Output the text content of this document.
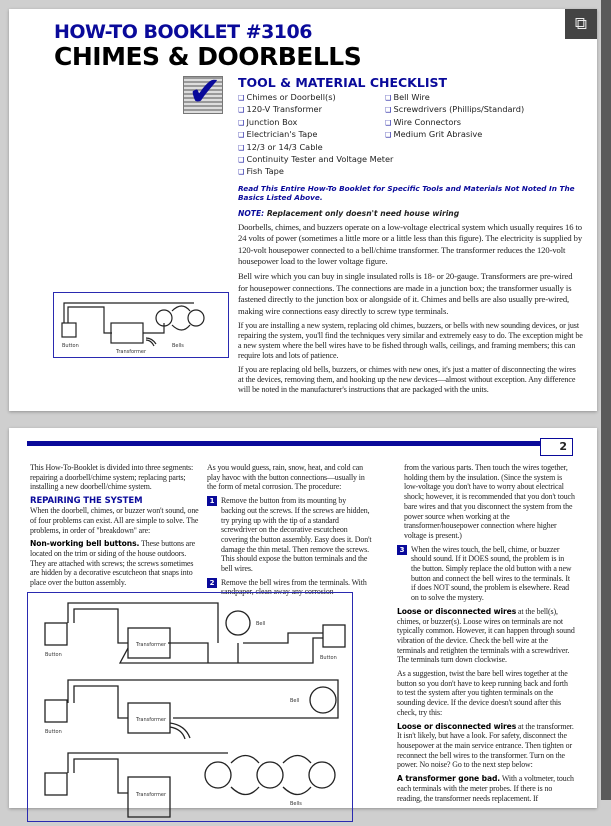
⧉
HOW-TO BOOKLET #3106
CHIMES & DOORBELLS
✔ TOOL & MATERIAL CHECKLIST
❑ Chimes or Doorbell(s)	❑ Bell Wire
❑ 120-V Transformer	❑ Screwdrivers (Phillips/Standard)
❑ Junction Box	❑ Wire Connectors
❑ Electrician's Tape	❑ Medium Grit Abrasive
❑ 12/3 or 14/3 Cable
❑ Continuity Tester and Voltage Meter
❑ Fish Tape
Read This Entire How-To Booklet for Specific Tools and Materials Not Noted In The Basics Listed Above.
NOTE: Replacement only doesn't need house wiring

Doorbells, chimes, and buzzers operate on a low-voltage electrical system which usually requires 16 to 24 volts of power (sometimes a little more or a little less than this figure). The electricity is supplied by 120-volt housepower connected to a bell/chime transformer. The transformer reduces the 120-volt housepower load to the lower voltage figure.

Bell wire which you can buy in single insulated rolls is 18- or 20-gauge. Transformers are pre-wired for housepower connections. The connections are made in a junction box; the transformer usually is fastened directly to the junction box or alongside of it. Chimes and bells are also usually pre-wired, making wire connections easy directly to screw type terminals.

If you are installing a new system, replacing old chimes, buzzers, or bells with new sounding devices, or just repairing the system, you'll find the techniques very similar and extremely easy to do. The exception might be a new system where the bell wires have to be fished through walls, ceilings, and framing members; this can require lots and lots of patience.

If you are replacing old bells, buzzers, or chimes with new ones, it's just a matter of disconnecting the wires at the devices, removing them, and hooking up the new devices—almost without exception. Any difference will be noted in the manufacturer's instructions that are packaged with the units.

Button
Transformer
Bells
2

This How-To-Booklet is divided into three segments: repairing a doorbell/chime system; replacing parts; installing a new doorbell/chime system.

REPAIRING THE SYSTEM

When the doorbell, chimes, or buzzer won't sound, one of four problems can exist. All are simple to solve. The problems, in order of "breakdown" are:

Non-working bell buttons. These buttons are located on the trim or siding of the house outdoors. They are attached with screws; the screws sometimes are hidden by a decorative escutcheon that snaps into place over the button assembly.

As you would guess, rain, snow, heat, and cold can play havoc with the button connections—usually in the form of metal corrosion. The procedure:

1 Remove the button from its mounting by backing out the screws. If the screws are hidden, try prying up with the tip of a standard screwdriver on the decorative escutcheon covering the button assembly. Easy does it. Don't damage the thin metal. Then remove the screws. This should expose the button terminals and the bell wires.

2 Remove the bell wires from the terminals. With sandpaper, clean away any corrosion

from the various parts. Then touch the wires together, holding them by the insulation. (Since the system is low-voltage you don't have to worry about electrical shock; however, it is recommended that you don't touch bare wires and that you disconnect the system from the power source when working at the transformer/housepower connection where higher voltage is present.)

3 When the wires touch, the bell, chime, or buzzer should sound. If it DOES sound, the problem is in the button. Simply replace the old button with a new button and connect the bell wires to the terminals. It if does NOT sound, the problem is elsewhere. Read on to solve the mystery.

Loose or disconnected wires at the bell(s), chimes, or buzzer(s). Loose wires on terminals are not typically common. However, it can happen through sound vibration of the device. Check the bell wire at the terminals and retighten the terminals with a screwdriver. The terminals turn down clockwise.

As a suggestion, twist the bare bell wires together at the button so you don't have to keep running back and forth to test the system after you tighten terminals on the sounding device. If the device doesn't sound after this check, try this:

Loose or disconnected wires at the transformer. It isn't likely, but have a look. For safety, disconnect the housepower at the main service entrance. Then tighten or reconnect the bell wires to the transformer. Turn on the power. No noise? Go to the next step below:

A transformer gone bad. With a voltmeter, touch each terminals with the meter probes. If there is no reading, the transformer needs replacement. If

Button
Transformer
Bell
Button
Button
Transformer
Bell
Transformer
Bells
